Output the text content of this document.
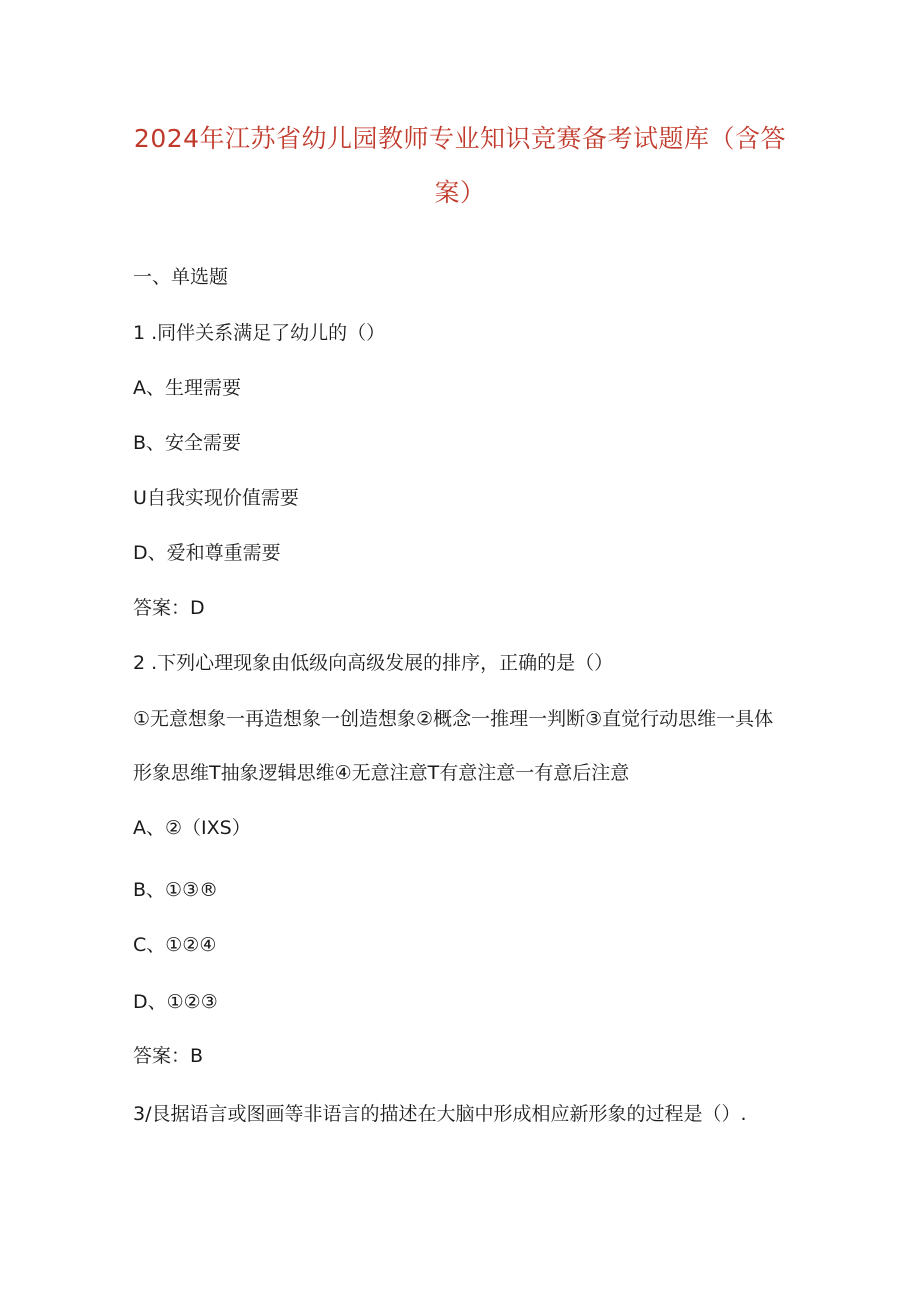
2024年江苏省幼儿园教师专业知识竞赛备考试题库（含答案）
一、单选题
1 .同伴关系满足了幼儿的（）
A、生理需要
B、安全需要
U自我实现价值需要
D、爱和尊重需要
答案：D
2 .下列心理现象由低级向高级发展的排序，正确的是（）
①无意想象一再造想象一创造想象②概念一推理一判断③直觉行动思维一具体
形象思维T抽象逻辑思维④无意注意T有意注意一有意后注意
A、②（IXS）
B、①③®
C、①②④
D、①②③
答案：B
3/艮据语言或图画等非语言的描述在大脑中形成相应新形象的过程是（）.
